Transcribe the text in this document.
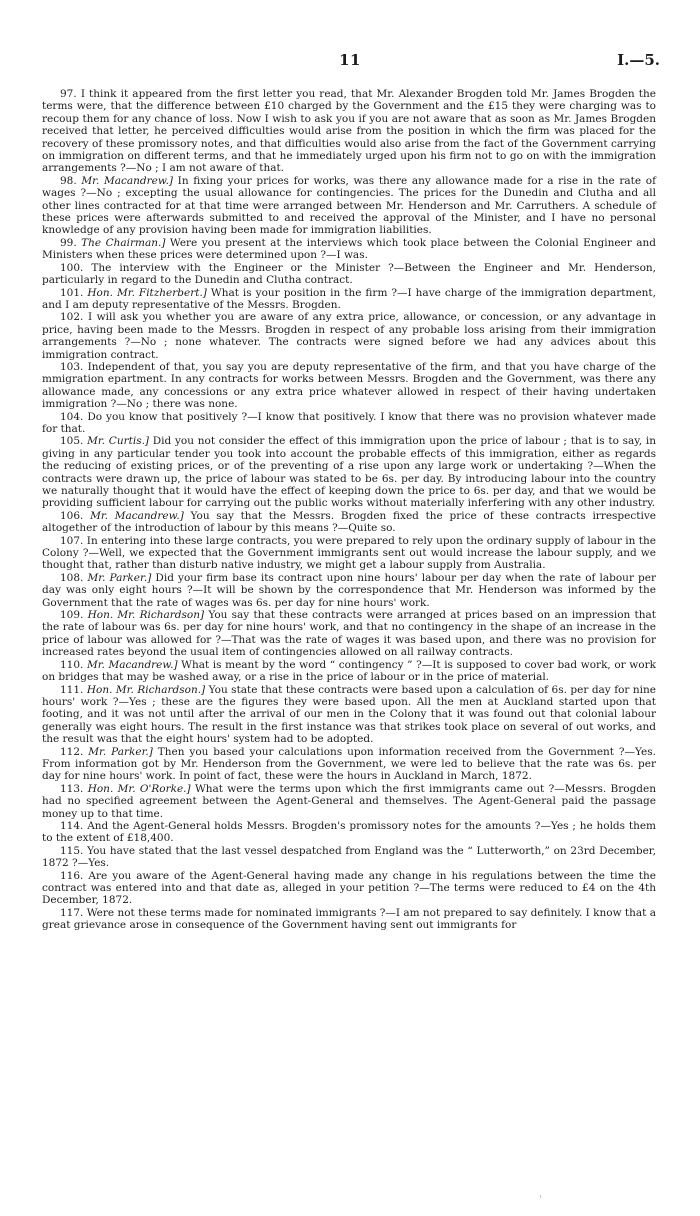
11	I.—5.

97. I think it appeared from the first letter you read, that Mr. Alexander Brogden told Mr. James Brogden the terms were, that the difference between £10 charged by the Government and the £15 they were charging was to recoup them for any chance of loss. Now I wish to ask you if you are not aware that as soon as Mr. James Brogden received that letter, he perceived difficulties would arise from the position in which the firm was placed for the recovery of these promissory notes, and that difficulties would also arise from the fact of the Government carrying on immigration on different terms, and that he immediately urged upon his firm not to go on with the immigration arrangements ?—No ; I am not aware of that.

98. Mr. Macandrew.] In fixing your prices for works, was there any allowance made for a rise in the rate of wages ?—No ; excepting the usual allowance for contingencies. The prices for the Dunedin and Clutha and all other lines contracted for at that time were arranged between Mr. Henderson and Mr. Carruthers. A schedule of these prices were afterwards submitted to and received the approval of the Minister, and I have no personal knowledge of any provision having been made for immigration liabilities.

99. The Chairman.] Were you present at the interviews which took place between the Colonial Engineer and Ministers when these prices were determined upon ?—I was.

100. The interview with the Engineer or the Minister ?—Between the Engineer and Mr. Henderson, particularly in regard to the Dunedin and Clutha contract.

101. Hon. Mr. Fitzherbert.] What is your position in the firm ?—I have charge of the immigration department, and I am deputy representative of the Messrs. Brogden.

102. I will ask you whether you are aware of any extra price, allowance, or concession, or any advantage in price, having been made to the Messrs. Brogden in respect of any probable loss arising from their immigration arrangements ?—No ; none whatever. The contracts were signed before we had any advices about this immigration contract.

103. Independent of that, you say you are deputy representative of the firm, and that you have charge of the mmigration epartment. In any contracts for works between Messrs. Brogden and the Government, was there any allowance made, any concessions or any extra price whatever allowed in respect of their having undertaken immigration ?—No ; there was none.

104. Do you know that positively ?—I know that positively. I know that there was no provision whatever made for that.

105. Mr. Curtis.] Did you not consider the effect of this immigration upon the price of labour ; that is to say, in giving in any particular tender you took into account the probable effects of this immigration, either as regards the reducing of existing prices, or of the preventing of a rise upon any large work or undertaking ?—When the contracts were drawn up, the price of labour was stated to be 6s. per day. By introducing labour into the country we naturally thought that it would have the effect of keeping down the price to 6s. per day, and that we would be providing sufficient labour for carrying out the public works without materially inferfering with any other industry.

106. Mr. Macandrew.] You say that the Messrs. Brogden fixed the price of these contracts irrespective altogether of the introduction of labour by this means ?—Quite so.

107. In entering into these large contracts, you were prepared to rely upon the ordinary supply of labour in the Colony ?—Well, we expected that the Government immigrants sent out would increase the labour supply, and we thought that, rather than disturb native industry, we might get a labour supply from Australia.

108. Mr. Parker.] Did your firm base its contract upon nine hours' labour per day when the rate of labour per day was only eight hours ?—It will be shown by the correspondence that Mr. Henderson was informed by the Government that the rate of wages was 6s. per day for nine hours' work.

109. Hon. Mr. Richardson] You say that these contracts were arranged at prices based on an impression that the rate of labour was 6s. per day for nine hours' work, and that no contingency in the shape of an increase in the price of labour was allowed for ?—That was the rate of wages it was based upon, and there was no provision for increased rates beyond the usual item of contingencies allowed on all railway contracts.

110. Mr. Macandrew.] What is meant by the word “ contingency ” ?—It is supposed to cover bad work, or work on bridges that may be washed away, or a rise in the price of labour or in the price of material.

111. Hon. Mr. Richardson.] You state that these contracts were based upon a calculation of 6s. per day for nine hours' work ?—Yes ; these are the figures they were based upon. All the men at Auckland started upon that footing, and it was not until after the arrival of our men in the Colony that it was found out that colonial labour generally was eight hours. The result in the first instance was that strikes took place on several of out works, and the result was that the eight hours' system had to be adopted.

112. Mr. Parker.] Then you based your calculations upon information received from the Government ?—Yes. From information got by Mr. Henderson from the Government, we were led to believe that the rate was 6s. per day for nine hours' work. In point of fact, these were the hours in Auckland in March, 1872.

113. Hon. Mr. O'Rorke.] What were the terms upon which the first immigrants came out ?—Messrs. Brogden had no specified agreement between the Agent-General and themselves. The Agent-General paid the passage money up to that time.

114. And the Agent-General holds Messrs. Brogden's promissory notes for the amounts ?—Yes ; he holds them to the extent of £18,400.

115. You have stated that the last vessel despatched from England was the “ Lutterworth,” on 23rd December, 1872 ?—Yes.

116. Are you aware of the Agent-General having made any change in his regulations between the time the contract was entered into and that date as, alleged in your petition ?—The terms were reduced to £4 on the 4th December, 1872.

117. Were not these terms made for nominated immigrants ?—I am not prepared to say definitely. I know that a great grievance arose in consequence of the Government having sent out immigrants for
